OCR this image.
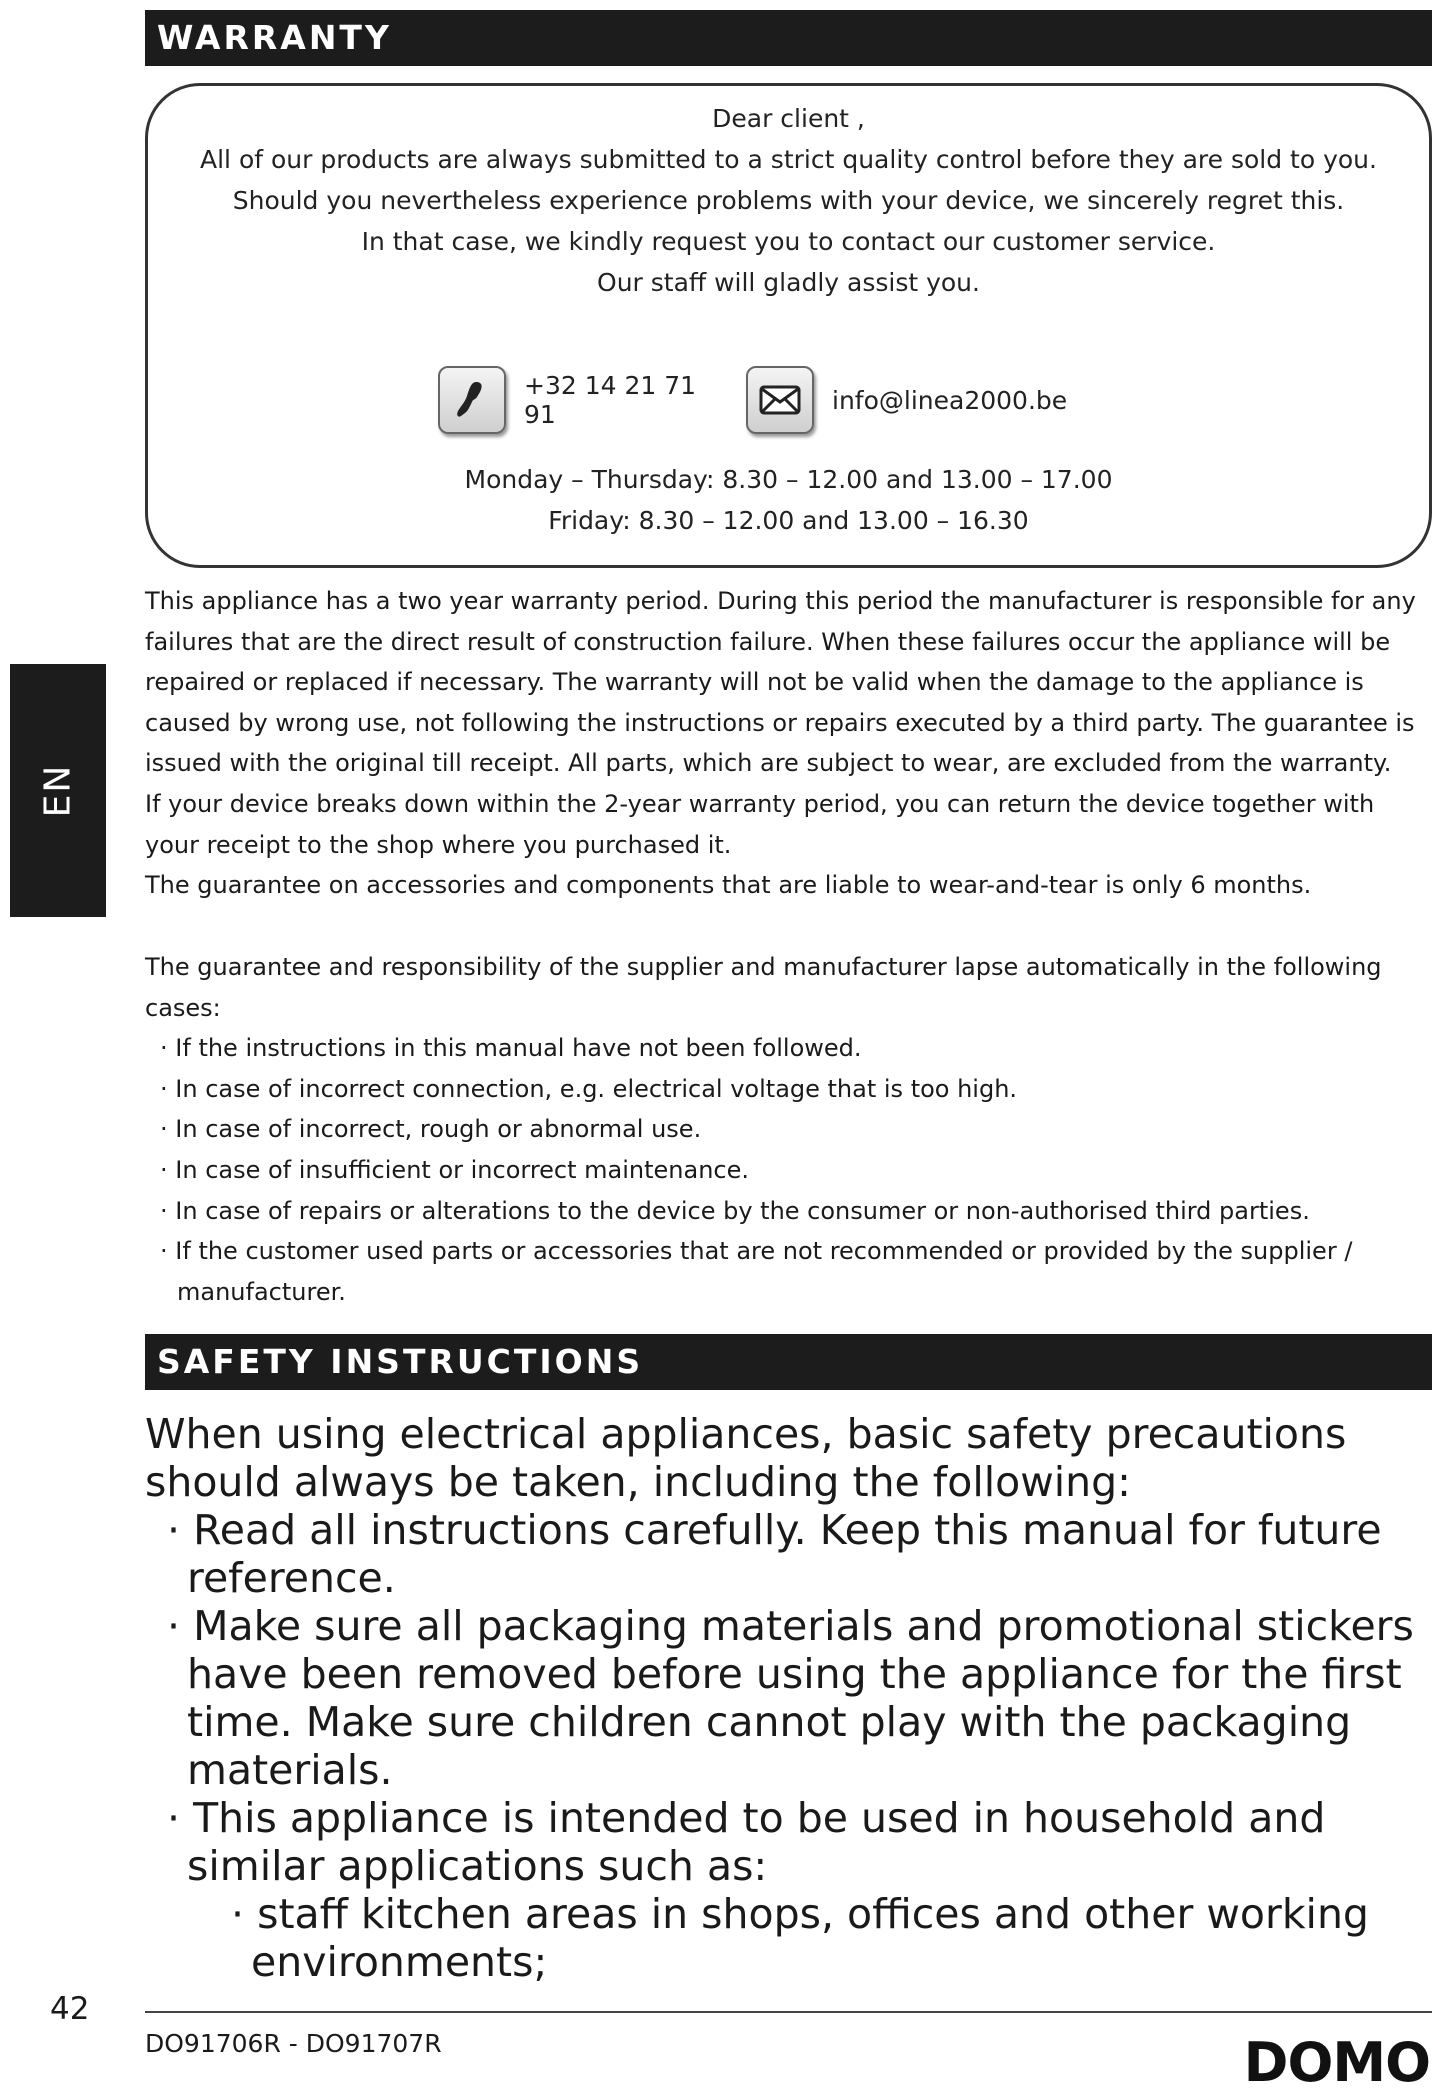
WARRANTY
Dear client ,
All of our products are always submitted to a strict quality control before they are sold to you.
Should you nevertheless experience problems with your device, we sincerely regret this.
In that case, we kindly request you to contact our customer service.
Our staff will gladly assist you.
+32 14 21 71 91	info@linea2000.be
Monday – Thursday: 8.30 – 12.00 and 13.00 – 17.00
Friday: 8.30 – 12.00 and 13.00 – 16.30
EN

This appliance has a two year warranty period. During this period the manufacturer is responsible for any failures that are the direct result of construction failure. When these failures occur the appliance will be repaired or replaced if necessary. The warranty will not be valid when the damage to the appliance is caused by wrong use, not following the instructions or repairs executed by a third party. The guarantee is issued with the original till receipt. All parts, which are subject to wear, are excluded from the warranty.

If your device breaks down within the 2-year warranty period, you can return the device together with your receipt to the shop where you purchased it.

The guarantee on accessories and components that are liable to wear-and-tear is only 6 months.

The guarantee and responsibility of the supplier and manufacturer lapse automatically in the following cases:

· If the instructions in this manual have not been followed.
· In case of incorrect connection, e.g. electrical voltage that is too high.
· In case of incorrect, rough or abnormal use.
· In case of insufficient or incorrect maintenance.
· In case of repairs or alterations to the device by the consumer or non-authorised third parties.
· If the customer used parts or accessories that are not recommended or provided by the supplier / manufacturer.
SAFETY INSTRUCTIONS

When using electrical appliances, basic safety precautions should always be taken, including the following:

· Read all instructions carefully. Keep this manual for future reference.
· Make sure all packaging materials and promotional stickers have been removed before using the appliance for the first time. Make sure children cannot play with the packaging materials.
· This appliance is intended to be used in household and similar applications such as:
· staff kitchen areas in shops, offices and other working environments;
42
DO91706R - DO91707R	DOMO
